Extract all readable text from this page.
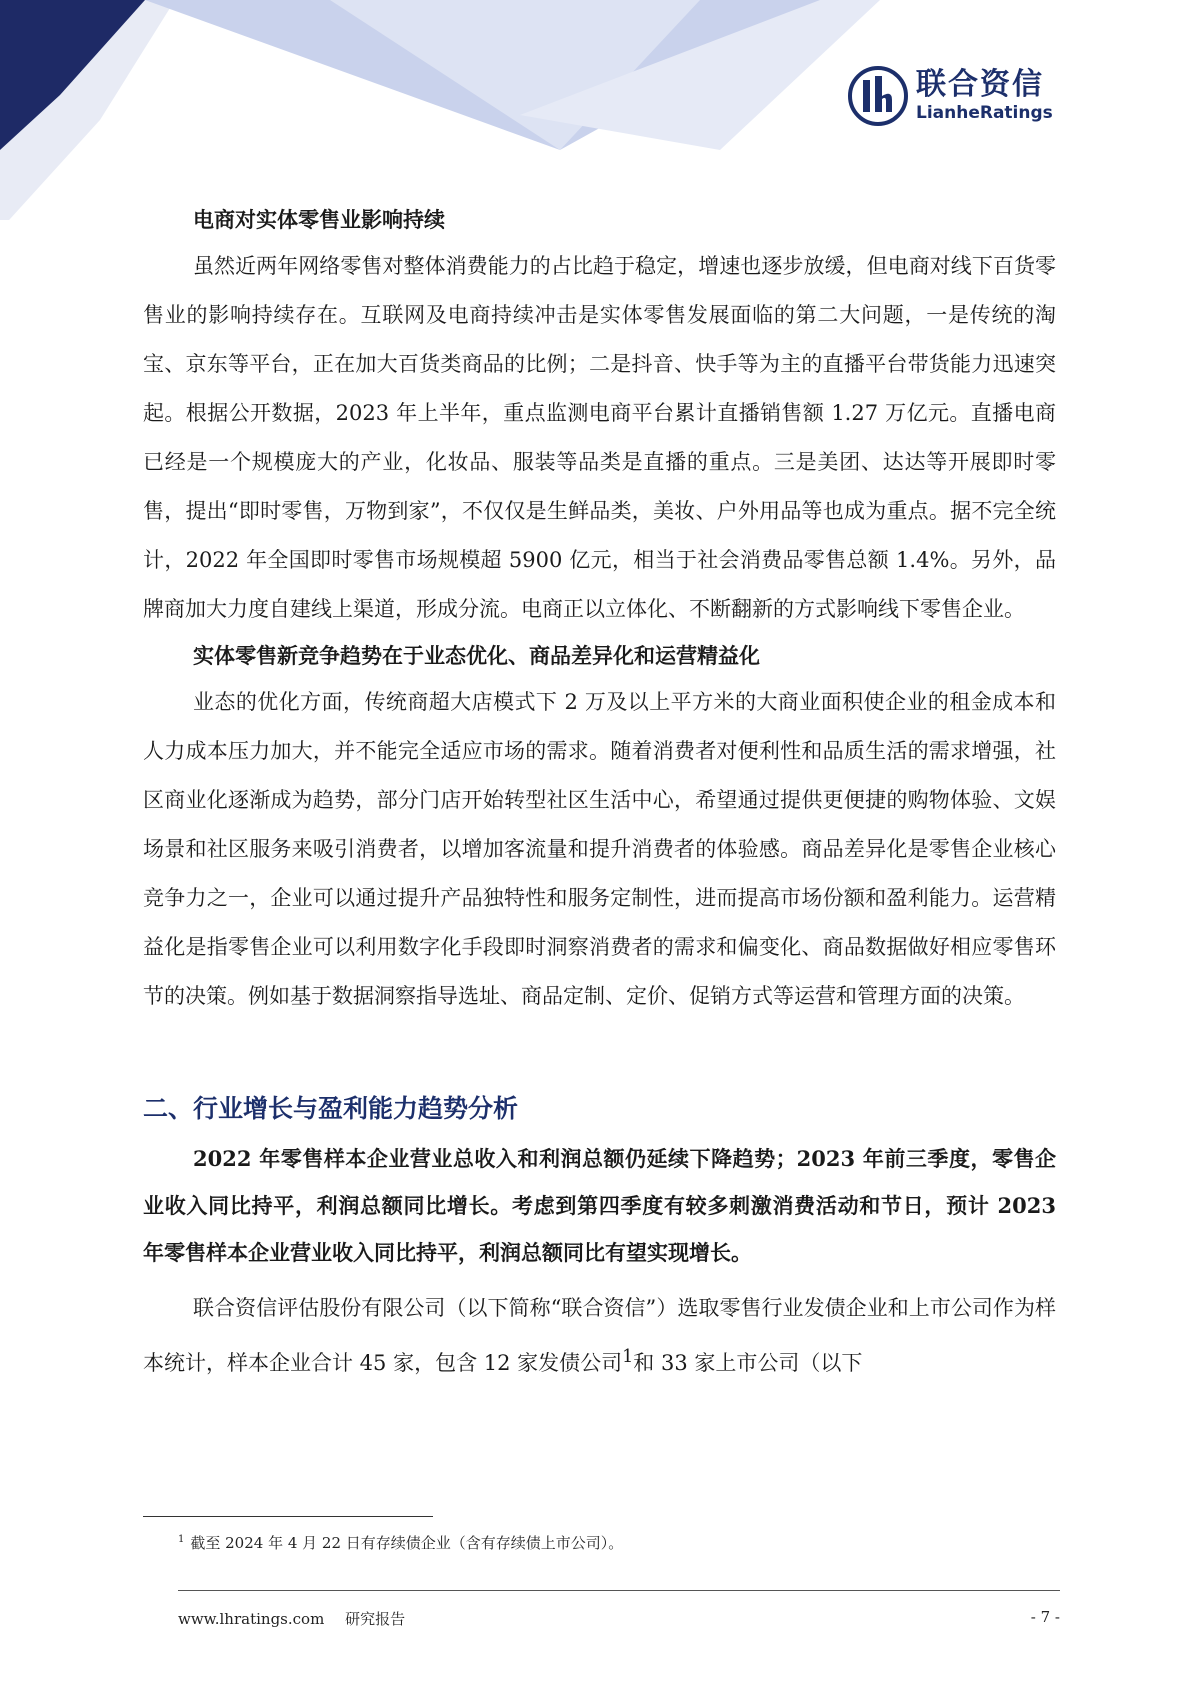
联合资信
LianheRatings

电商对实体零售业影响持续

虽然近两年网络零售对整体消费能力的占比趋于稳定，增速也逐步放缓，但电商对线下百货零售业的影响持续存在。互联网及电商持续冲击是实体零售发展面临的第二大问题，一是传统的淘宝、京东等平台，正在加大百货类商品的比例；二是抖音、快手等为主的直播平台带货能力迅速突起。根据公开数据，2023 年上半年，重点监测电商平台累计直播销售额 1.27 万亿元。直播电商已经是一个规模庞大的产业，化妆品、服装等品类是直播的重点。三是美团、达达等开展即时零售，提出“即时零售，万物到家”，不仅仅是生鲜品类，美妆、户外用品等也成为重点。据不完全统计，2022 年全国即时零售市场规模超 5900 亿元，相当于社会消费品零售总额 1.4%。另外，品牌商加大力度自建线上渠道，形成分流。电商正以立体化、不断翻新的方式影响线下零售企业。

实体零售新竞争趋势在于业态优化、商品差异化和运营精益化

业态的优化方面，传统商超大店模式下 2 万及以上平方米的大商业面积使企业的租金成本和人力成本压力加大，并不能完全适应市场的需求。随着消费者对便利性和品质生活的需求增强，社区商业化逐渐成为趋势，部分门店开始转型社区生活中心，希望通过提供更便捷的购物体验、文娱场景和社区服务来吸引消费者，以增加客流量和提升消费者的体验感。商品差异化是零售企业核心竞争力之一，企业可以通过提升产品独特性和服务定制性，进而提高市场份额和盈利能力。运营精益化是指零售企业可以利用数字化手段即时洞察消费者的需求和偏变化、商品数据做好相应零售环节的决策。例如基于数据洞察指导选址、商品定制、定价、促销方式等运营和管理方面的决策。

二、行业增长与盈利能力趋势分析

2022 年零售样本企业营业总收入和利润总额仍延续下降趋势；2023 年前三季度，零售企业收入同比持平，利润总额同比增长。考虑到第四季度有较多刺激消费活动和节日，预计 2023 年零售样本企业营业收入同比持平，利润总额同比有望实现增长。

联合资信评估股份有限公司（以下简称“联合资信”）选取零售行业发债企业和上市公司作为样本统计，样本企业合计 45 家，包含 12 家发债公司$^1$和 33 家上市公司（以下

$^1$ 截至 2024 年 4 月 22 日有存续债企业（含有存续债上市公司）。
www.lhratings.com 研究报告	- 7 -
